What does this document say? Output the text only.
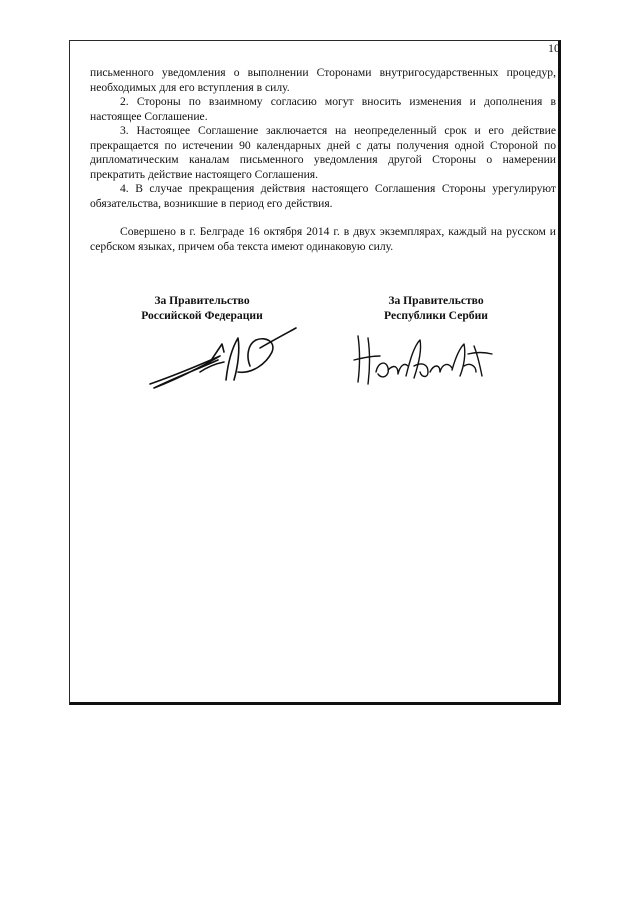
10

письменного уведомления о выполнении Сторонами внутригосударственных процедур, необходимых для его вступления в силу.

2. Стороны по взаимному согласию могут вносить изменения и дополнения в настоящее Соглашение.

3. Настоящее Соглашение заключается на неопределенный срок и его действие прекращается по истечении 90 календарных дней с даты получения одной Стороной по дипломатическим каналам письменного уведомления другой Стороны о намерении прекратить действие настоящего Соглашения.

4. В случае прекращения действия настоящего Соглашения Стороны урегулируют обязательства, возникшие в период его действия.

Совершено в г. Белграде 16 октября 2014 г. в двух экземплярах, каждый на русском и сербском языках, причем оба текста имеют одинаковую силу.

За Правительство
Российской Федерации
За Правительство
Республики Сербии
